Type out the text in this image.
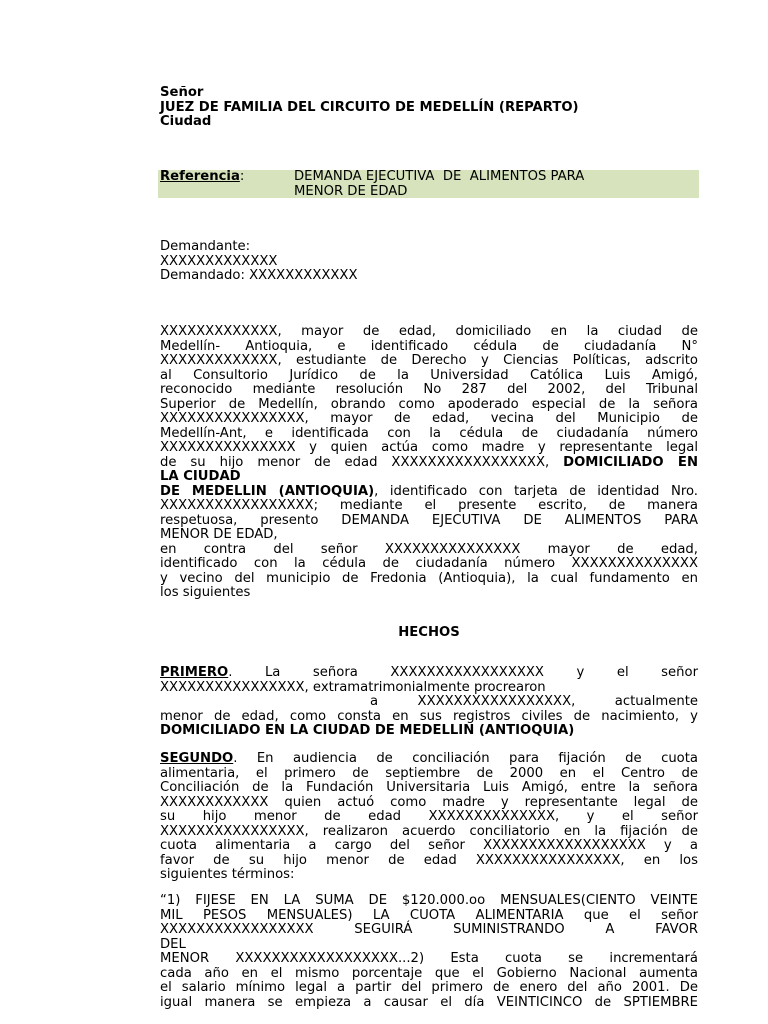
Señor
JUEZ DE FAMILIA DEL CIRCUITO DE MEDELLÍN (REPARTO)
Ciudad
Referencia:	DEMANDA EJECUTIVA  DE  ALIMENTOS PARA
MENOR DE EDAD
Demandante:
XXXXXXXXXXXXX
Demandado: XXXXXXXXXXXX
XXXXXXXXXXXXX, mayor de edad, domiciliado en la ciudad de
Medellín- Antioquia, e identificado cédula de ciudadanía N°
XXXXXXXXXXXXX, estudiante de Derecho y Ciencias Políticas, adscrito
al Consultorio Jurídico de la Universidad Católica Luis Amigó,
reconocido mediante resolución No 287 del 2002, del Tribunal
Superior de Medellín, obrando como apoderado especial de la señora
XXXXXXXXXXXXXXXX, mayor de edad, vecina del Municipio de
Medellín-Ant, e identificada con la cédula de ciudadanía número
XXXXXXXXXXXXXXX y quien actúa como madre y representante legal
de su hijo menor de edad XXXXXXXXXXXXXXXXX, DOMICILIADO EN
LA CIUDAD
DE MEDELLIN (ANTIOQUIA), identificado con tarjeta de identidad Nro.
XXXXXXXXXXXXXXXXX; mediante el presente escrito, de manera
respetuosa, presento DEMANDA EJECUTIVA DE ALIMENTOS PARA
MENOR DE EDAD,
en contra del señor XXXXXXXXXXXXXXX mayor de edad,
identificado con la cédula de ciudadanía número XXXXXXXXXXXXXX
y vecino del municipio de Fredonia (Antioquia), la cual fundamento en
los siguientes
HECHOS
PRIMERO. La señora XXXXXXXXXXXXXXXXX y el señor
XXXXXXXXXXXXXXXX, extramatrimonialmente procrearon
a XXXXXXXXXXXXXXXXX, actualmente
menor de edad, como consta en sus registros civiles de nacimiento, y
DOMICILIADO EN LA CIUDAD DE MEDELLIN (ANTIOQUIA)
SEGUNDO. En audiencia de conciliación para fijación de cuota
alimentaria, el primero de septiembre de 2000 en el Centro de
Conciliación de la Fundación Universitaria Luis Amigó, entre la señora
XXXXXXXXXXXX quien actuó como madre y representante legal de
su hijo menor de edad XXXXXXXXXXXXXX, y el señor
XXXXXXXXXXXXXXXX, realizaron acuerdo conciliatorio en la fijación de
cuota alimentaria a cargo del señor XXXXXXXXXXXXXXXXXX y a
favor de su hijo menor de edad XXXXXXXXXXXXXXXX, en los
siguientes términos:
“1) FIJESE EN LA SUMA DE $120.000.oo MENSUALES(CIENTO VEINTE
MIL PESOS MENSUALES) LA CUOTA ALIMENTARIA que el señor
XXXXXXXXXXXXXXXXX SEGUIRÁ SUMINISTRANDO A FAVOR
DEL
MENOR XXXXXXXXXXXXXXXXXX...2) Esta cuota se incrementará
cada año en el mismo porcentaje que el Gobierno Nacional aumenta
el salario mínimo legal a partir del primero de enero del año 2001. De
igual manera se empieza a causar el día VEINTICINCO de SPTIEMBRE
